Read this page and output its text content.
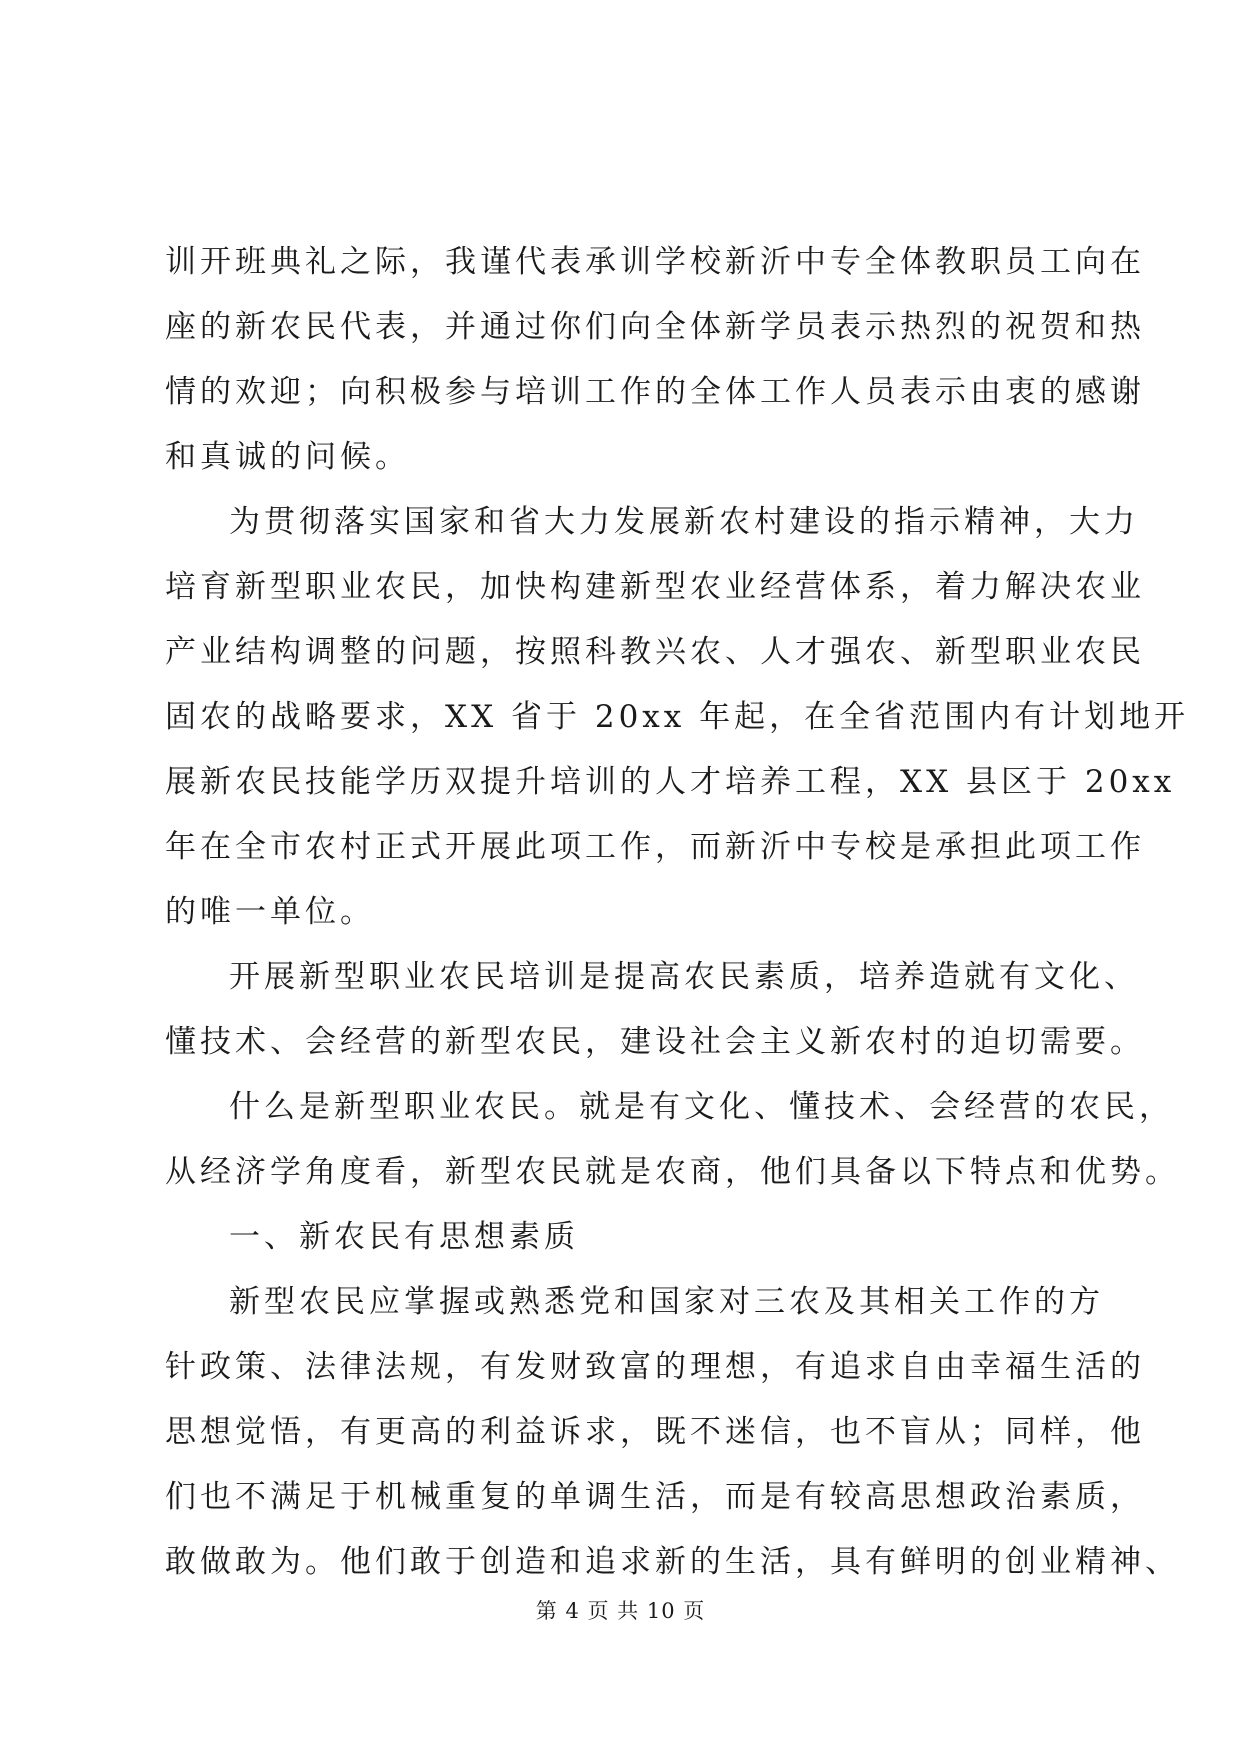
训开班典礼之际，我谨代表承训学校新沂中专全体教职员工向在
座的新农民代表，并通过你们向全体新学员表示热烈的祝贺和热
情的欢迎；向积极参与培训工作的全体工作人员表示由衷的感谢
和真诚的问候。
为贯彻落实国家和省大力发展新农村建设的指示精神，大力
培育新型职业农民，加快构建新型农业经营体系，着力解决农业
产业结构调整的问题，按照科教兴农、人才强农、新型职业农民
固农的战略要求，XX 省于 20xx 年起，在全省范围内有计划地开
展新农民技能学历双提升培训的人才培养工程，XX 县区于 20xx
年在全市农村正式开展此项工作，而新沂中专校是承担此项工作
的唯一单位。
开展新型职业农民培训是提高农民素质，培养造就有文化、
懂技术、会经营的新型农民，建设社会主义新农村的迫切需要。
什么是新型职业农民。就是有文化、懂技术、会经营的农民，
从经济学角度看，新型农民就是农商，他们具备以下特点和优势。
一、新农民有思想素质
新型农民应掌握或熟悉党和国家对三农及其相关工作的方
针政策、法律法规，有发财致富的理想，有追求自由幸福生活的
思想觉悟，有更高的利益诉求，既不迷信，也不盲从；同样，他
们也不满足于机械重复的单调生活，而是有较高思想政治素质，
敢做敢为。他们敢于创造和追求新的生活，具有鲜明的创业精神、
第 4 页 共 10 页
